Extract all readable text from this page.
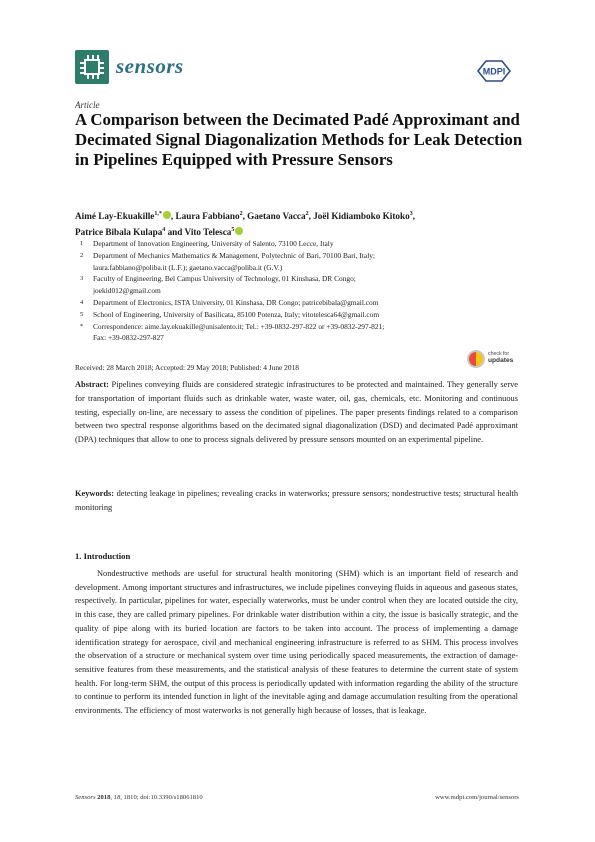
sensors	MDPI
Article
A Comparison between the Decimated Padé Approximant and Decimated Signal Diagonalization Methods for Leak Detection in Pipelines Equipped with Pressure Sensors
Aimé Lay-Ekuakille$^{1,*}$ , Laura Fabbiano$^2$, Gaetano Vacca$^2$, Joël Kidiamboko Kitoko$^3$,
Patrice Bibala Kulapa$^4$ and Vito Telesca$^5$
1	Department of Innovation Engineering, University of Salento, 73100 Lecce, Italy
2	Department of Mechanics Mathematics & Management, Polytechnic of Bari, 70100 Bari, Italy;
laura.fabbiano@poliba.it (L.F.); gaetano.vacca@poliba.it (G.V.)
3	Faculty of Engineering, Bel Campus University of Technology, 01 Kinshasa, DR Congo;
joekid012@gmail.com
4	Department of Electronics, ISTA University, 01 Kinshasa, DR Congo; patricebibala@gmail.com
5	School of Engineering, University of Basilicata, 85100 Potenza, Italy; vitotelesca64@gmail.com
*	Correspondence: aime.lay.ekuakille@unisalento.it; Tel.: +39-0832-297-822 or +39-0832-297-821;
Fax: +39-0832-297-827
Received: 28 March 2018; Accepted: 29 May 2018; Published: 4 June 2018
check for
updates
Abstract: Pipelines conveying fluids are considered strategic infrastructures to be protected and maintained. They generally serve for transportation of important fluids such as drinkable water, waste water, oil, gas, chemicals, etc. Monitoring and continuous testing, especially on-line, are necessary to assess the condition of pipelines. The paper presents findings related to a comparison between two spectral response algorithms based on the decimated signal diagonalization (DSD) and decimated Padé approximant (DPA) techniques that allow to one to process signals delivered by pressure sensors mounted on an experimental pipeline.
Keywords: detecting leakage in pipelines; revealing cracks in waterworks; pressure sensors; nondestructive tests; structural health monitoring
1. Introduction
Nondestructive methods are useful for structural health monitoring (SHM) which is an important field of research and development. Among important structures and infrastructures, we include pipelines conveying fluids in aqueous and gaseous states, respectively. In particular, pipelines for water, especially waterworks, must be under control when they are located outside the city, in this case, they are called primary pipelines. For drinkable water distribution within a city, the issue is basically strategic, and the quality of pipe along with its buried location are factors to be taken into account. The process of implementing a damage identification strategy for aerospace, civil and mechanical engineering infrastructure is referred to as SHM. This process involves the observation of a structure or mechanical system over time using periodically spaced measurements, the extraction of damage-sensitive features from these measurements, and the statistical analysis of these features to determine the current state of system health. For long-term SHM, the output of this process is periodically updated with information regarding the ability of the structure to continue to perform its intended function in light of the inevitable aging and damage accumulation resulting from the operational environments. The efficiency of most waterworks is not generally high because of losses, that is leakage.
Sensors 2018, 18, 1810; doi:10.3390/s18061810	www.mdpi.com/journal/sensors
